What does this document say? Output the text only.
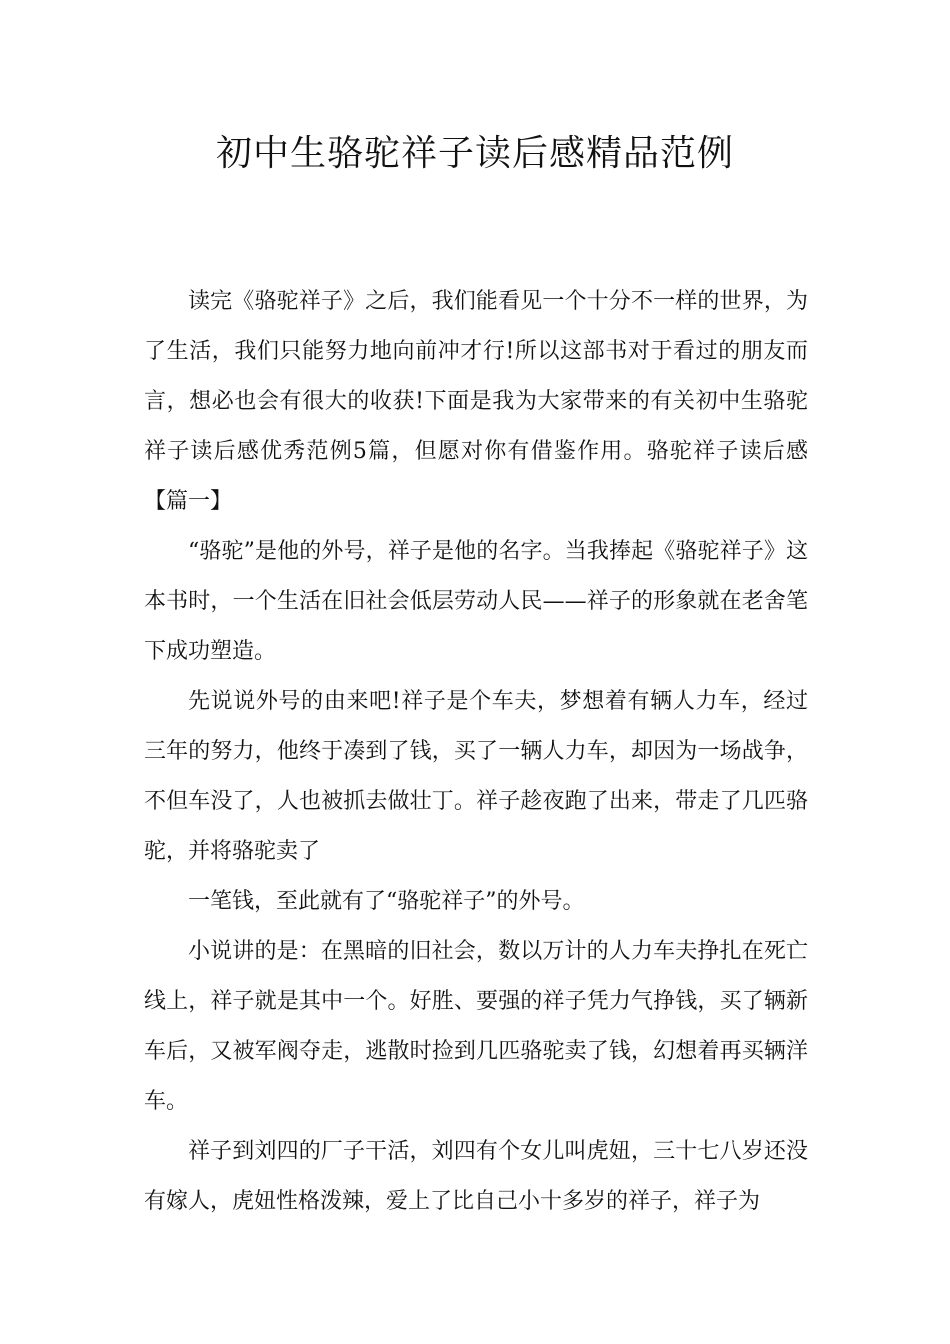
初中生骆驼祥子读后感精品范例

读完《骆驼祥子》之后，我们能看见一个十分不一样的世界，为了生活，我们只能努力地向前冲才行!所以这部书对于看过的朋友而言，想必也会有很大的收获!下面是我为大家带来的有关初中生骆驼祥子读后感优秀范例5篇，但愿对你有借鉴作用。骆驼祥子读后感【篇一】

“骆驼”是他的外号，祥子是他的名字。当我捧起《骆驼祥子》这本书时，一个生活在旧社会低层劳动人民——祥子的形象就在老舍笔下成功塑造。

先说说外号的由来吧!祥子是个车夫，梦想着有辆人力车，经过三年的努力，他终于凑到了钱，买了一辆人力车，却因为一场战争，不但车没了，人也被抓去做壮丁。祥子趁夜跑了出来，带走了几匹骆驼，并将骆驼卖了

一笔钱，至此就有了“骆驼祥子”的外号。

小说讲的是：在黑暗的旧社会，数以万计的人力车夫挣扎在死亡线上，祥子就是其中一个。好胜、要强的祥子凭力气挣钱，买了辆新车后，又被军阀夺走，逃散时捡到几匹骆驼卖了钱，幻想着再买辆洋车。

祥子到刘四的厂子干活，刘四有个女儿叫虎妞，三十七八岁还没有嫁人，虎妞性格泼辣，爱上了比自己小十多岁的祥子，祥子为
